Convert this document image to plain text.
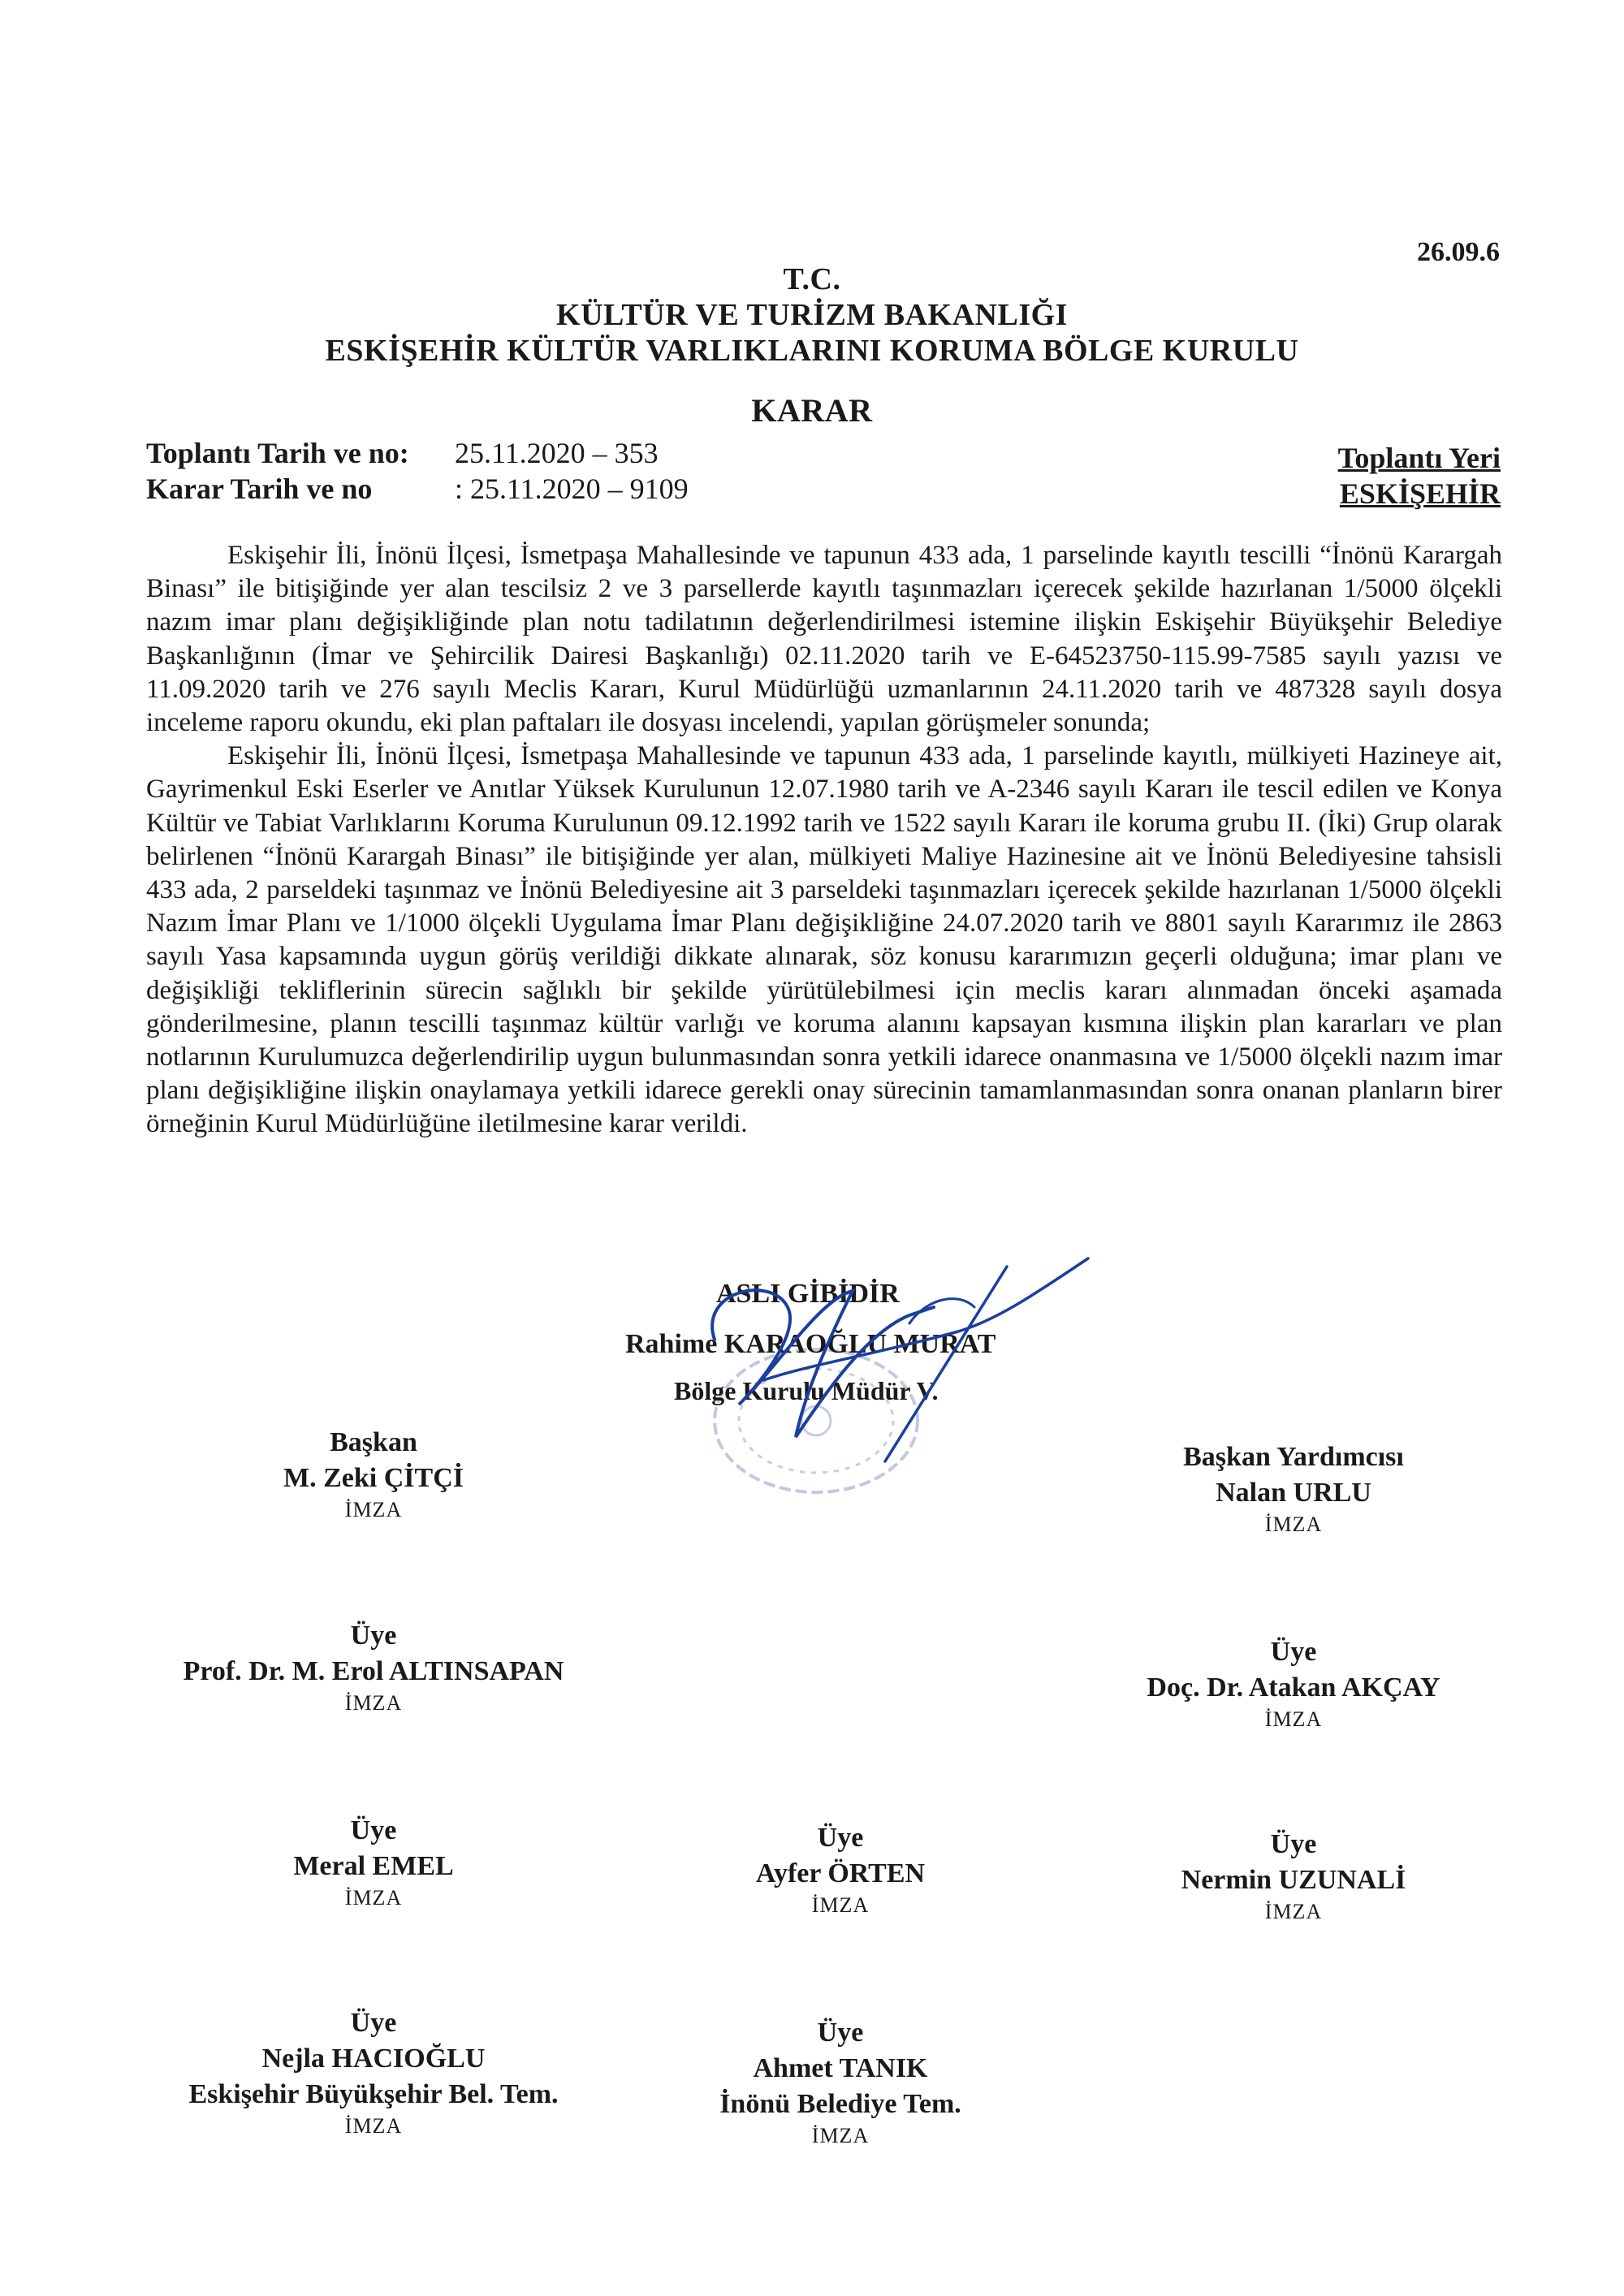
26.09.6
T.C.
KÜLTÜR VE TURİZM BAKANLIĞI
ESKİŞEHİR KÜLTÜR VARLIKLARINI KORUMA BÖLGE KURULU
KARAR
Toplantı Tarih ve no: 25.11.2020 – 353
Karar Tarih ve no	: 25.11.2020 – 9109
Toplantı Yeri
ESKİŞEHİR

Eskişehir İli, İnönü İlçesi, İsmetpaşa Mahallesinde ve tapunun 433 ada, 1 parselinde kayıtlı tescilli “İnönü Karargah Binası” ile bitişiğinde yer alan tescilsiz 2 ve 3 parsellerde kayıtlı taşınmazları içerecek şekilde hazırlanan 1/5000 ölçekli nazım imar planı değişikliğinde plan notu tadilatının değerlendirilmesi istemine ilişkin Eskişehir Büyükşehir Belediye Başkanlığının (İmar ve Şehircilik Dairesi Başkanlığı) 02.11.2020 tarih ve E-64523750-115.99-7585 sayılı yazısı ve 11.09.2020 tarih ve 276 sayılı Meclis Kararı, Kurul Müdürlüğü uzmanlarının 24.11.2020 tarih ve 487328 sayılı dosya inceleme raporu okundu, eki plan paftaları ile dosyası incelendi, yapılan görüşmeler sonunda;

Eskişehir İli, İnönü İlçesi, İsmetpaşa Mahallesinde ve tapunun 433 ada, 1 parselinde kayıtlı, mülkiyeti Hazineye ait, Gayrimenkul Eski Eserler ve Anıtlar Yüksek Kurulunun 12.07.1980 tarih ve A-2346 sayılı Kararı ile tescil edilen ve Konya Kültür ve Tabiat Varlıklarını Koruma Kurulunun 09.12.1992 tarih ve 1522 sayılı Kararı ile koruma grubu II. (İki) Grup olarak belirlenen “İnönü Karargah Binası” ile bitişiğinde yer alan, mülkiyeti Maliye Hazinesine ait ve İnönü Belediyesine tahsisli 433 ada, 2 parseldeki taşınmaz ve İnönü Belediyesine ait 3 parseldeki taşınmazları içerecek şekilde hazırlanan 1/5000 ölçekli Nazım İmar Planı ve 1/1000 ölçekli Uygulama İmar Planı değişikliğine 24.07.2020 tarih ve 8801 sayılı Kararımız ile 2863 sayılı Yasa kapsamında uygun görüş verildiği dikkate alınarak, söz konusu kararımızın geçerli olduğuna; imar planı ve değişikliği tekliflerinin sürecin sağlıklı bir şekilde yürütülebilmesi için meclis kararı alınmadan önceki aşamada gönderilmesine, planın tescilli taşınmaz kültür varlığı ve koruma alanını kapsayan kısmına ilişkin plan kararları ve plan notlarının Kurulumuzca değerlendirilip uygun bulunmasından sonra yetkili idarece onanmasına ve 1/5000 ölçekli nazım imar planı değişikliğine ilişkin onaylamaya yetkili idarece gerekli onay sürecinin tamamlanmasından sonra onanan planların birer örneğinin Kurul Müdürlüğüne iletilmesine karar verildi.

ASLI GİBİDİR
Rahime KARAOĞLU MURAT
Bölge Kurulu Müdür V.
Başkan
M. Zeki ÇİTÇİ
İMZA
Başkan Yardımcısı
Nalan URLU
İMZA
Üye
Prof. Dr. M. Erol ALTINSAPAN
İMZA
Üye
Doç. Dr. Atakan AKÇAY
İMZA
Üye
Meral EMEL
İMZA
Üye
Ayfer ÖRTEN
İMZA
Üye
Nermin UZUNALİ
İMZA
Üye
Nejla HACIOĞLU
Eskişehir Büyükşehir Bel. Tem.
İMZA
Üye
Ahmet TANIK
İnönü Belediye Tem.
İMZA
